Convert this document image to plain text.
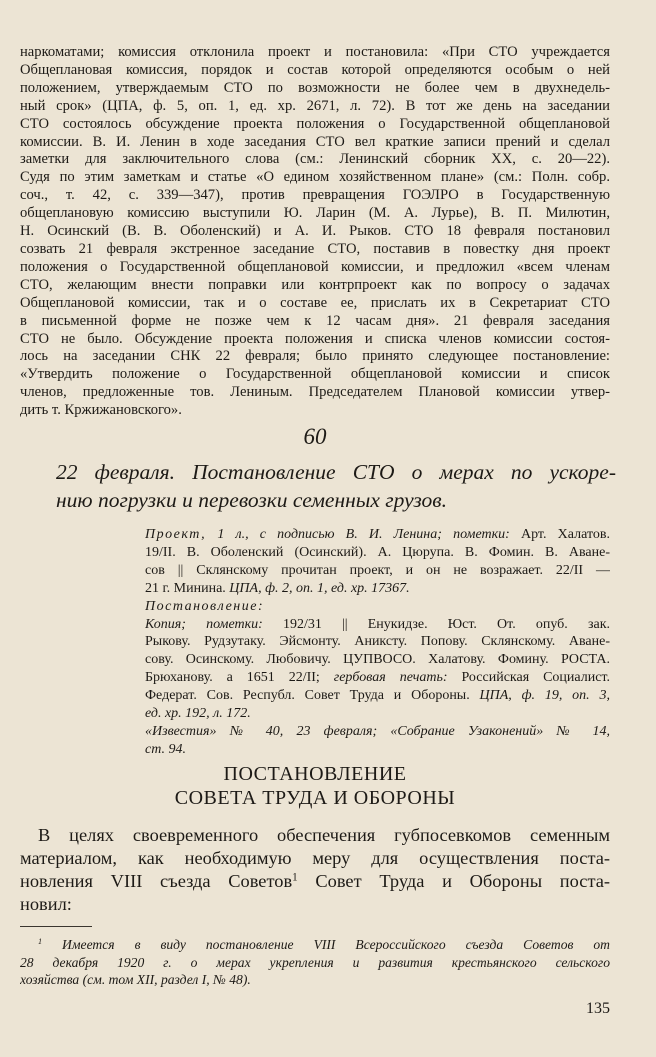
наркоматами; комиссия отклонила проект и постановила: «При СТО учреждается
Общеплановая комиссия, порядок и состав которой определяются особым о ней
положением, утверждаемым СТО по возможности не более чем в двухнедель-
ный срок» (ЦПА, ф. 5, оп. 1, ед. хр. 2671, л. 72). В тот же день на заседании
СТО состоялось обсуждение проекта положения о Государственной общеплановой
комиссии. В. И. Ленин в ходе заседания СТО вел краткие записи прений и сделал
заметки для заключительного слова (см.: Ленинский сборник XX, с. 20—22).
Судя по этим заметкам и статье «О едином хозяйственном плане» (см.: Полн. собр.
соч., т. 42, с. 339—347), против превращения ГОЭЛРО в Государственную
общеплановую комиссию выступили Ю. Ларин (М. А. Лурье), В. П. Милютин,
Н. Осинский (В. В. Оболенский) и А. И. Рыков. СТО 18 февраля постановил
созвать 21 февраля экстренное заседание СТО, поставив в повестку дня проект
положения о Государственной общеплановой комиссии, и предложил «всем членам
СТО, желающим внести поправки или контрпроект как по вопросу о задачах
Общеплановой комиссии, так и о составе ее, прислать их в Секретариат СТО
в письменной форме не позже чем к 12 часам дня». 21 февраля заседания
СТО не было. Обсуждение проекта положения и списка членов комиссии состоя-
лось на заседании СНК 22 февраля; было принято следующее постановление:
«Утвердить положение о Государственной общеплановой комиссии и список
членов, предложенные тов. Лениным. Председателем Плановой комиссии утвер-
дить т. Кржижановского».
60
22 февраля. Постановление СТО о мерах по ускоре-
нию погрузки и перевозки семенных грузов.
Проект, 1 л., с подписью В. И. Ленина; пометки: Арт. Халатов.
19/II. В. Оболенский (Осинский). А. Цюрупа. В. Фомин. В. Аване-
сов || Склянскому прочитан проект, и он не возражает. 22/II —
21 г. Минина. ЦПА, ф. 2, оп. 1, ед. хр. 17367.
Постановление:
Копия; пометки: 192/31 || Енукидзе. Юст. От. опуб. зак.
Рыкову. Рудзутаку. Эйсмонту. Аниксту. Попову. Склянскому. Аване-
сову. Осинскому. Любовичу. ЦУПВОСО. Халатову. Фомину. РОСТА.
Брюханову. а 1651 22/II; гербовая печать: Российская Социалист.
Федерат. Сов. Республ. Совет Труда и Обороны. ЦПА, ф. 19, оп. 3,
ед. хр. 192, л. 172.
«Известия» № 40, 23 февраля; «Собрание Узаконений» № 14,
ст. 94.
ПОСТАНОВЛЕНИЕ
СОВЕТА ТРУДА И ОБОРОНЫ
В целях своевременного обеспечения губпосевкомов семенным
материалом, как необходимую меру для осуществления поста-
новления VIII съезда Советов$^1$ Совет Труда и Обороны поста-
новил:
$^1$ Имеется в виду постановление VIII Всероссийского съезда Советов от
28 декабря 1920 г. о мерах укрепления и развития крестьянского сельского
хозяйства (см. том XII, раздел I, № 48).
135
